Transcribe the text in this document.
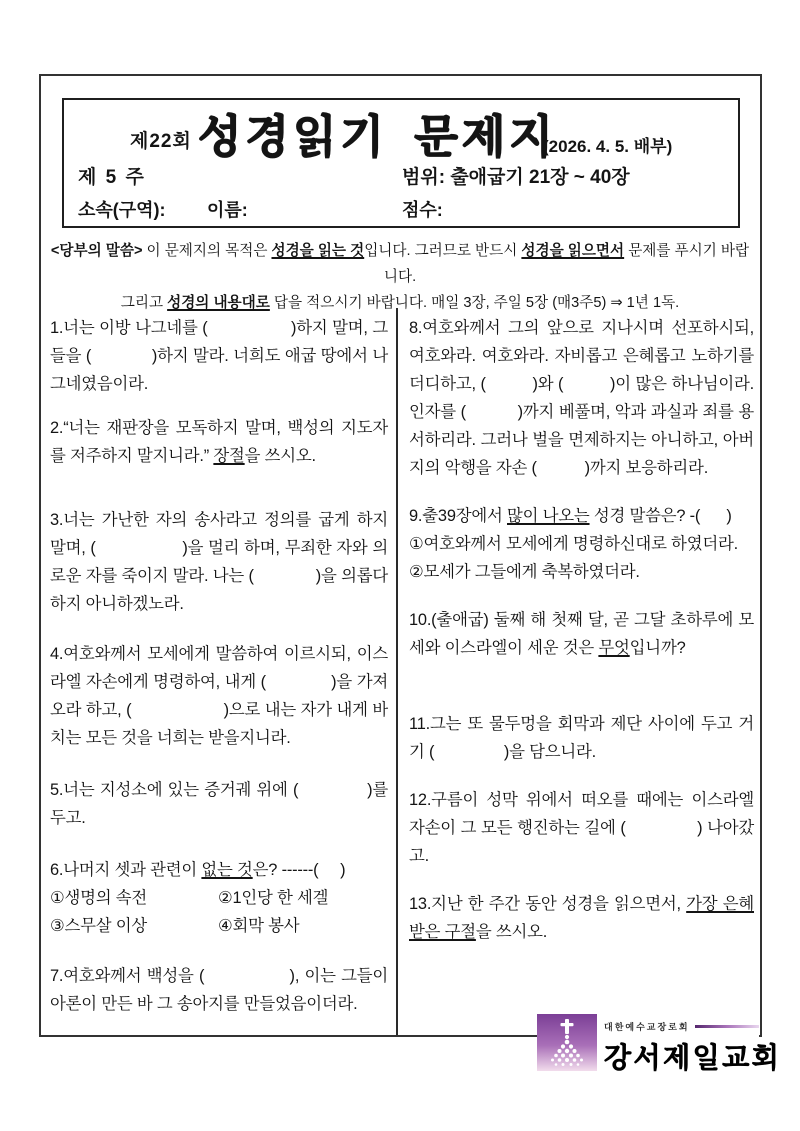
제22회 성경읽기 문제지
(2026. 4. 5. 배부)
제 5 주	범위: 출애굽기 21장 ~ 40장
소속(구역): 이름:	점수:
<당부의 말씀> 이 문제지의 목적은 성경을 읽는 것입니다. 그러므로 반드시 성경을 읽으면서 문제를 푸시기 바랍니다.
그리고 성경의 내용대로 답을 적으시기 바랍니다. 매일 3장, 주일 5장 (매3주5) ⇒ 1년 1독.
1.너는 이방 나그네를 (                  )하지 말며, 그들을 (             )하지 말라. 너희도 애굽 땅에서 나그네였음이라.
2.“너는 재판장을 모독하지 말며, 백성의 지도자를 저주하지 말지니라.” 장절을 쓰시오.
3.너는 가난한 자의 송사라고 정의를 굽게 하지 말며, (                  )을 멀리 하며, 무죄한 자와 의로운 자를 죽이지 말라. 나는 (              )을 의롭다 하지 아니하겠노라.
4.여호와께서 모세에게 말씀하여 이르시되, 이스라엘 자손에게 명령하여, 내게 (              )을 가져오라 하고, (                    )으로 내는 자가 내게 바치는 모든 것을 너희는 받을지니라.
5.너는 지성소에 있는 증거궤 위에 (             )를 두고.
6.나머지 셋과 관련이 없는 것은? ------(     )
①생명의 속전	②1인당 한 세겔
③스무살 이상	④회막 봉사
7.여호와께서 백성을 (                ), 이는 그들이 아론이 만든 바 그 송아지를 만들었음이더라.
8.여호와께서 그의 앞으로 지나시며 선포하시되, 여호와라. 여호와라. 자비롭고 은혜롭고 노하기를 더디하고, (          )와 (          )이 많은 하나님이라. 인자를 (           )까지 베풀며, 악과 과실과 죄를 용서하리라. 그러나 벌을 면제하지는 아니하고, 아버지의 악행을 자손 (           )까지 보응하리라.
9.출39장에서 많이 나오는 성경 말씀은? -(      )
①여호와께서 모세에게 명령하신대로 하였더라.
②모세가 그들에게 축복하였더라.
10.(출애굽) 둘째 해 첫째 달, 곧 그달 초하루에 모세와 이스라엘이 세운 것은 무엇입니까?
11.그는 또 물두멍을 회막과 제단 사이에 두고 거기 (                )을 담으니라.
12.구름이 성막 위에서 떠오를 때에는 이스라엘 자손이 그 모든 행진하는 길에 (               ) 나아갔고.
13.지난 한 주간 동안 성경을 읽으면서, 가장 은혜 받은 구절을 쓰시오.
대한예수교장로회
강서제일교회
